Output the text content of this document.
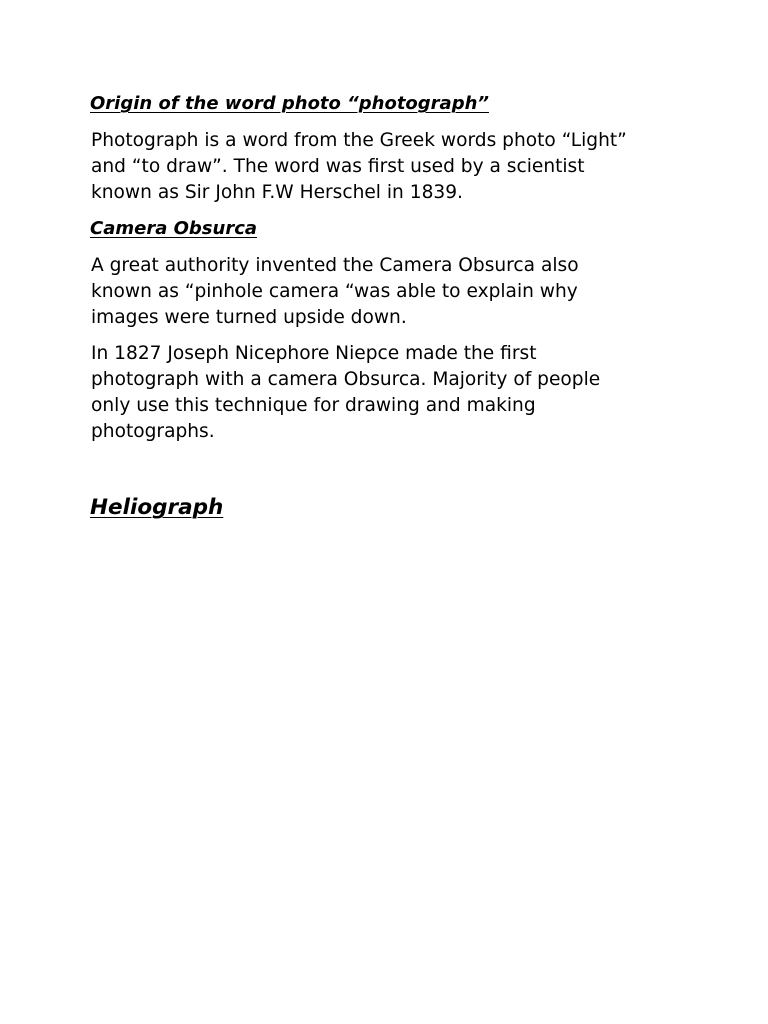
Origin of the word photo “photograph”

Photograph is a word from the Greek words photo “Light”
and “to draw”. The word was first used by a scientist
known as Sir John F.W Herschel in 1839.

Camera Obsurca

A great authority invented the Camera Obsurca also
known as “pinhole camera “was able to explain why
images were turned upside down.

In 1827 Joseph Nicephore Niepce made the first
photograph with a camera Obsurca. Majority of people
only use this technique for drawing and making
photographs.

Heliograph
